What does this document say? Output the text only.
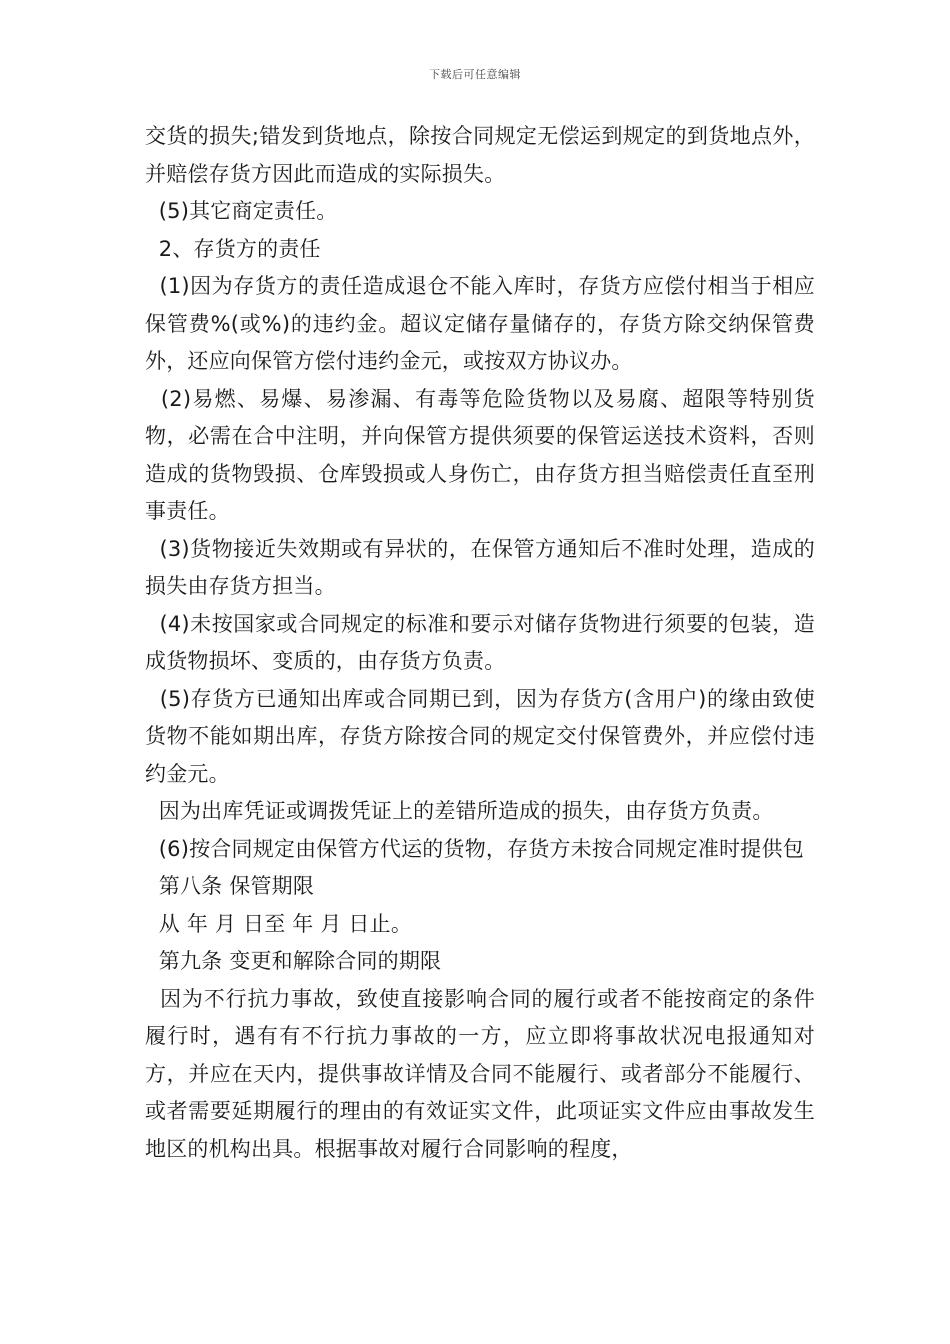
下载后可任意编辑

交货的损失;错发到货地点，除按合同规定无偿运到规定的到货地点外，并赔偿存货方因此而造成的实际损失。

(5)其它商定责任。

2、存货方的责任

(1)因为存货方的责任造成退仓不能入库时，存货方应偿付相当于相应保管费%(或%)的违约金。超议定储存量储存的，存货方除交纳保管费外，还应向保管方偿付违约金元，或按双方协议办。

(2)易燃、易爆、易渗漏、有毒等危险货物以及易腐、超限等特别货物，必需在合中注明，并向保管方提供须要的保管运送技术资料，否则造成的货物毁损、仓库毁损或人身伤亡，由存货方担当赔偿责任直至刑事责任。

(3)货物接近失效期或有异状的，在保管方通知后不准时处理，造成的损失由存货方担当。

(4)未按国家或合同规定的标准和要示对储存货物进行须要的包装，造成货物损坏、变质的，由存货方负责。

(5)存货方已通知出库或合同期已到，因为存货方(含用户)的缘由致使货物不能如期出库，存货方除按合同的规定交付保管费外，并应偿付违约金元。

因为出库凭证或调拨凭证上的差错所造成的损失，由存货方负责。

(6)按合同规定由保管方代运的货物，存货方未按合同规定准时提供包

第八条 保管期限

从 年 月 日至 年 月 日止。

第九条 变更和解除合同的期限

因为不行抗力事故，致使直接影响合同的履行或者不能按商定的条件履行时，遇有有不行抗力事故的一方，应立即将事故状况电报通知对方，并应在天内，提供事故详情及合同不能履行、或者部分不能履行、或者需要延期履行的理由的有效证实文件，此项证实文件应由事故发生地区的机构出具。根据事故对履行合同影响的程度，
